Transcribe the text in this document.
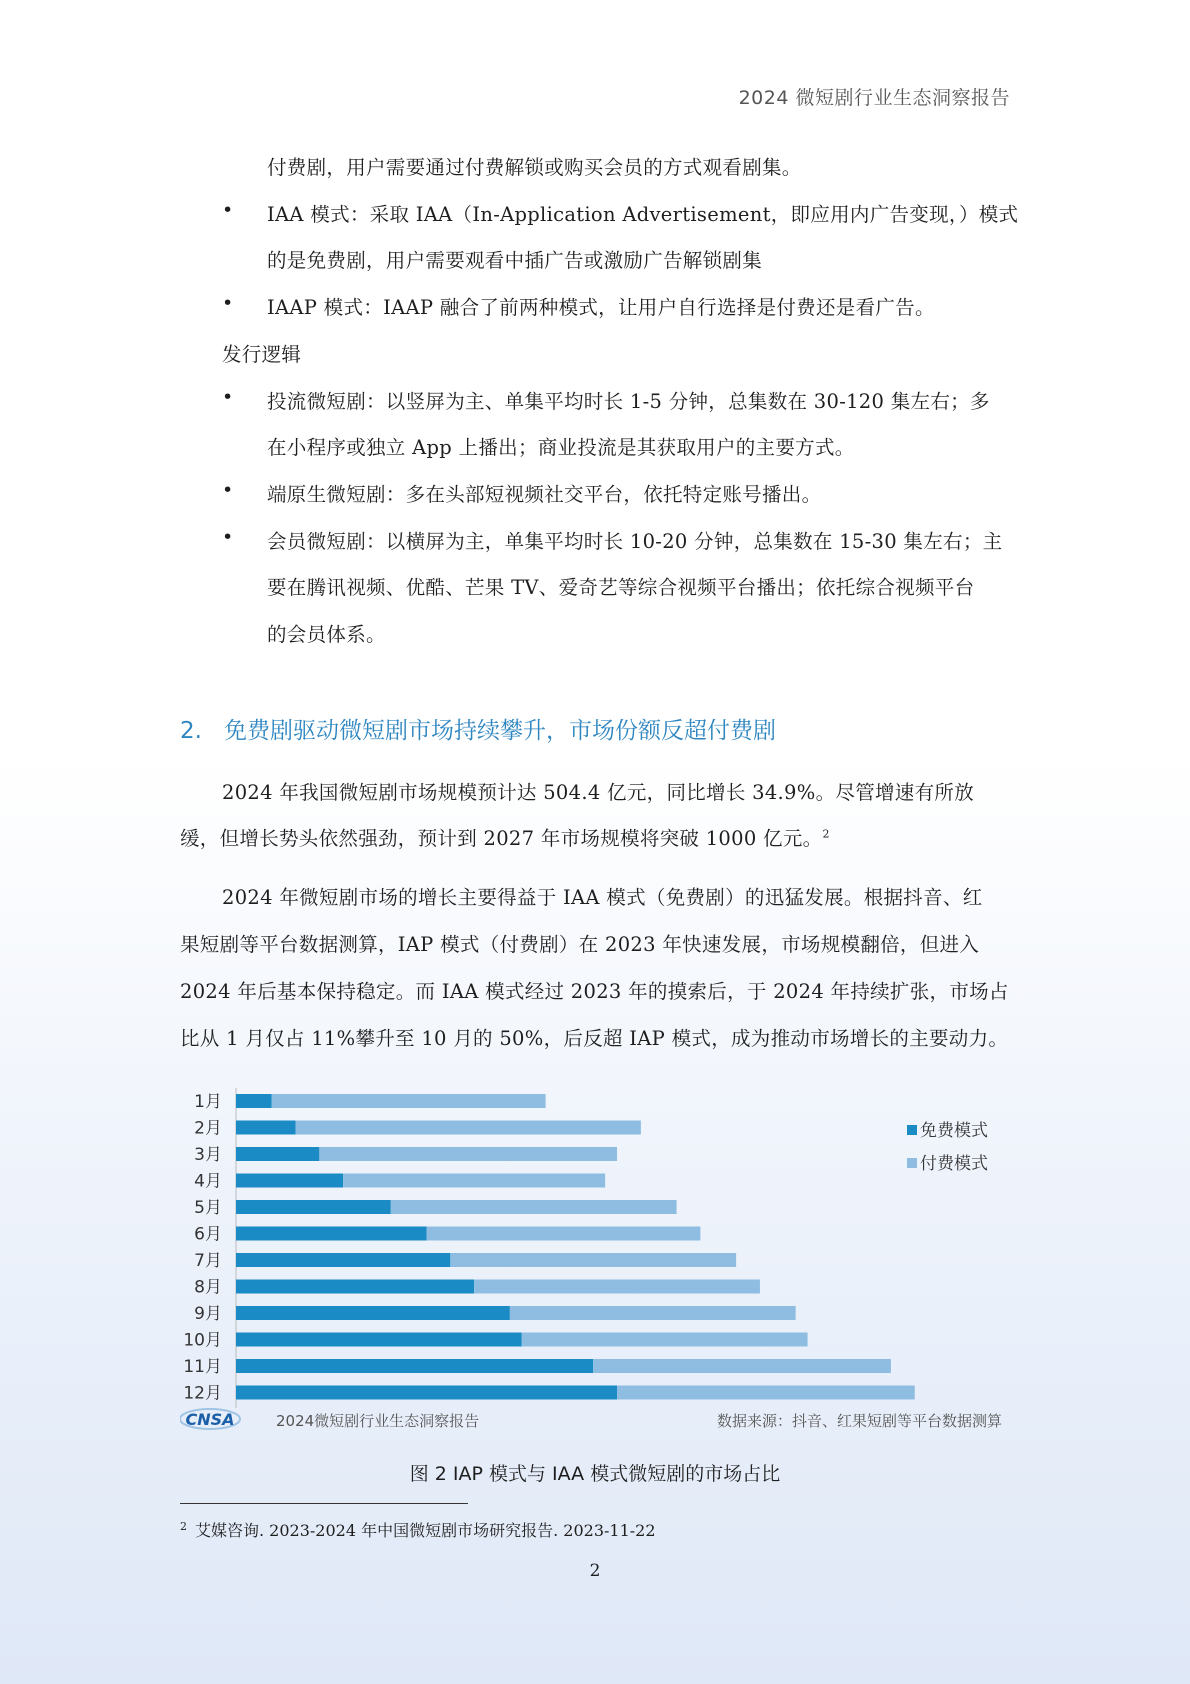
2024 微短剧行业生态洞察报告
付费剧，用户需要通过付费解锁或购买会员的方式观看剧集。
• IAA 模式：采取 IAA（In-Application Advertisement，即应用内广告变现，）模式
的是免费剧，用户需要观看中插广告或激励广告解锁剧集
• IAAP 模式：IAAP 融合了前两种模式，让用户自行选择是付费还是看广告。
发行逻辑
• 投流微短剧：以竖屏为主、单集平均时长 1-5 分钟，总集数在 30-120 集左右；多
在小程序或独立 App 上播出；商业投流是其获取用户的主要方式。
• 端原生微短剧：多在头部短视频社交平台，依托特定账号播出。
• 会员微短剧：以横屏为主，单集平均时长 10-20 分钟，总集数在 15-30 集左右；主
要在腾讯视频、优酷、芒果 TV、爱奇艺等综合视频平台播出；依托综合视频平台
的会员体系。
2. 免费剧驱动微短剧市场持续攀升，市场份额反超付费剧
2024 年我国微短剧市场规模预计达 504.4 亿元，同比增长 34.9%。尽管增速有所放
缓，但增长势头依然强劲，预计到 2027 年市场规模将突破 1000 亿元。$^2$
2024 年微短剧市场的增长主要得益于 IAA 模式（免费剧）的迅猛发展。根据抖音、红
果短剧等平台数据测算，IAP 模式（付费剧）在 2023 年快速发展，市场规模翻倍，但进入
2024 年后基本保持稳定。而 IAA 模式经过 2023 年的摸索后，于 2024 年持续扩张，市场占
比从 1 月仅占 11%攀升至 10 月的 50%，后反超 IAP 模式，成为推动市场增长的主要动力。
1月
2月
3月
4月
5月
6月
7月
8月
9月
10月
11月
12月
免费模式
付费模式
CNSA	2024微短剧行业生态洞察报告	数据来源：抖音、红果短剧等平台数据测算
图 2 IAP 模式与 IAA 模式微短剧的市场占比
$^2$ 艾媒咨询. 2023-2024 年中国微短剧市场研究报告. 2023-11-22
2
